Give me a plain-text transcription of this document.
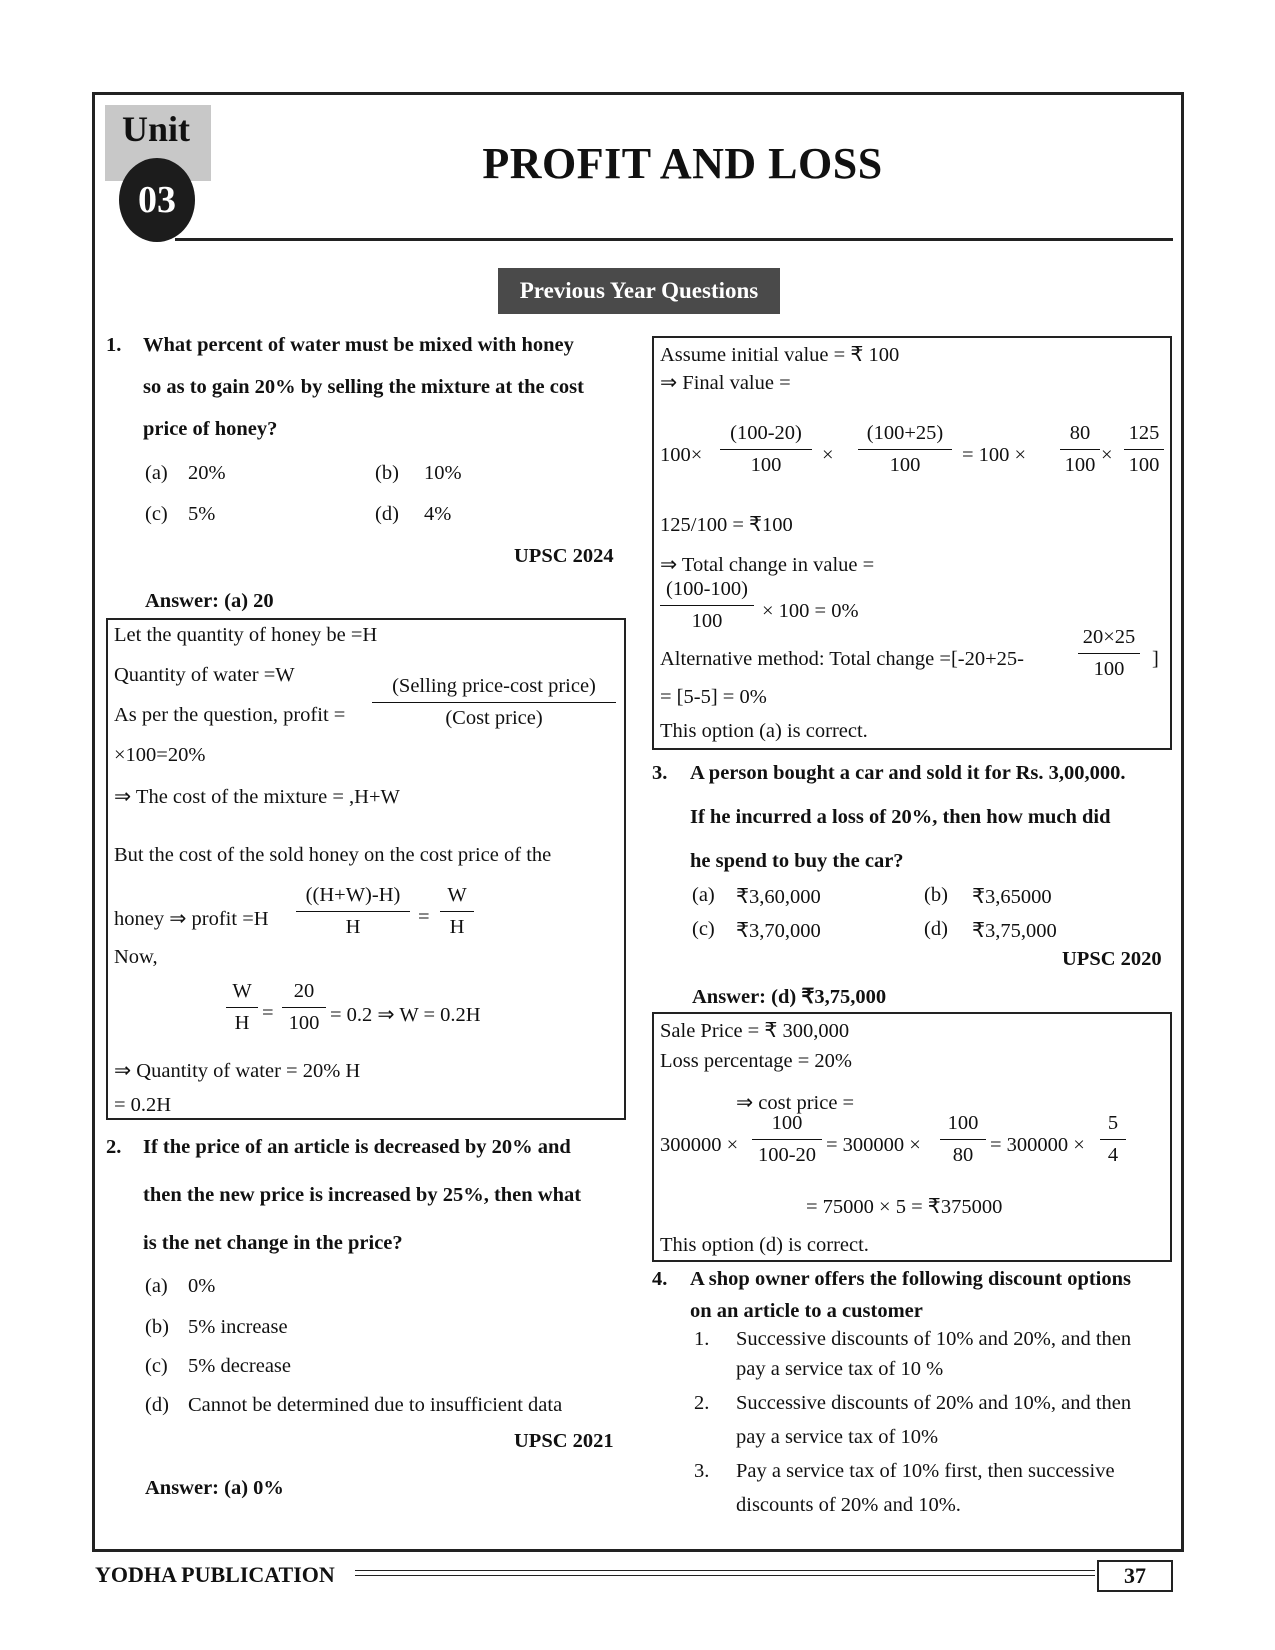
Unit
03
PROFIT AND LOSS
Previous Year Questions
1. What percent of water must be mixed with honey
so as to gain 20% by selling the mixture at the cost
price of honey?
(a) 20%	(b) 10%
(c) 5%	(d) 4%
UPSC 2024
Answer: (a) 20
Let the quantity of honey be =H
Quantity of water =W
As per the question, profit =
(Selling price-cost price)
(Cost price)
×100=20%
⇒ The cost of the mixture = ,H+W
But the cost of the sold honey on the cost price of the
honey ⇒ profit $=H \frac{((H+W)-H)}{H} = \frac{W}{H}$
Now,
$\frac{W}{H} = \frac{20}{100} = 0.2$ ⇒ W = 0.2H
⇒ Quantity of water = 20% H
= 0.2H
2. If the price of an article is decreased by 20% and
then the new price is increased by 25%, then what
is the net change in the price?
(a) 0%
(b) 5% increase
(c) 5% decrease
(d) Cannot be determined due to insufficient data
UPSC 2021
Answer: (a) 0%
Assume initial value = ₹ 100
⇒ Final value =
$100\times \frac{(100-20)}{100} \times \frac{(100+25)}{100} = 100 \times \frac{80}{100} \times \frac{125}{100}$
125/100 = ₹100
⇒ Total change in value =
$\frac{(100-100)}{100} \times 100 = 0\%$
Alternative method: Total change =[-20+25-	$\frac{20\times 25}{100}$ ]
= [5-5] = 0%
This option (a) is correct.
3. A person bought a car and sold it for Rs. 3,00,000.
If he incurred a loss of 20%, then how much did
he spend to buy the car?
(a) ₹3,60,000	(b) ₹3,65000
(c) ₹3,70,000	(d) ₹3,75,000
UPSC 2020
Answer: (d) ₹3,75,000
Sale Price = ₹ 300,000
Loss percentage = 20%
⇒ cost price =
$300000 \times \frac{100}{100-20} = 300000 \times \frac{100}{80} = 300000 \times \frac{5}{4}$
= 75000 × 5 = ₹375000
This option (d) is correct.
4. A shop owner offers the following discount options
on an article to a customer
1. Successive discounts of 10% and 20%, and then
pay a service tax of 10 %
2. Successive discounts of 20% and 10%, and then
pay a service tax of 10%
3. Pay a service tax of 10% first, then successive
discounts of 20% and 10%.
YODHA PUBLICATION	37
